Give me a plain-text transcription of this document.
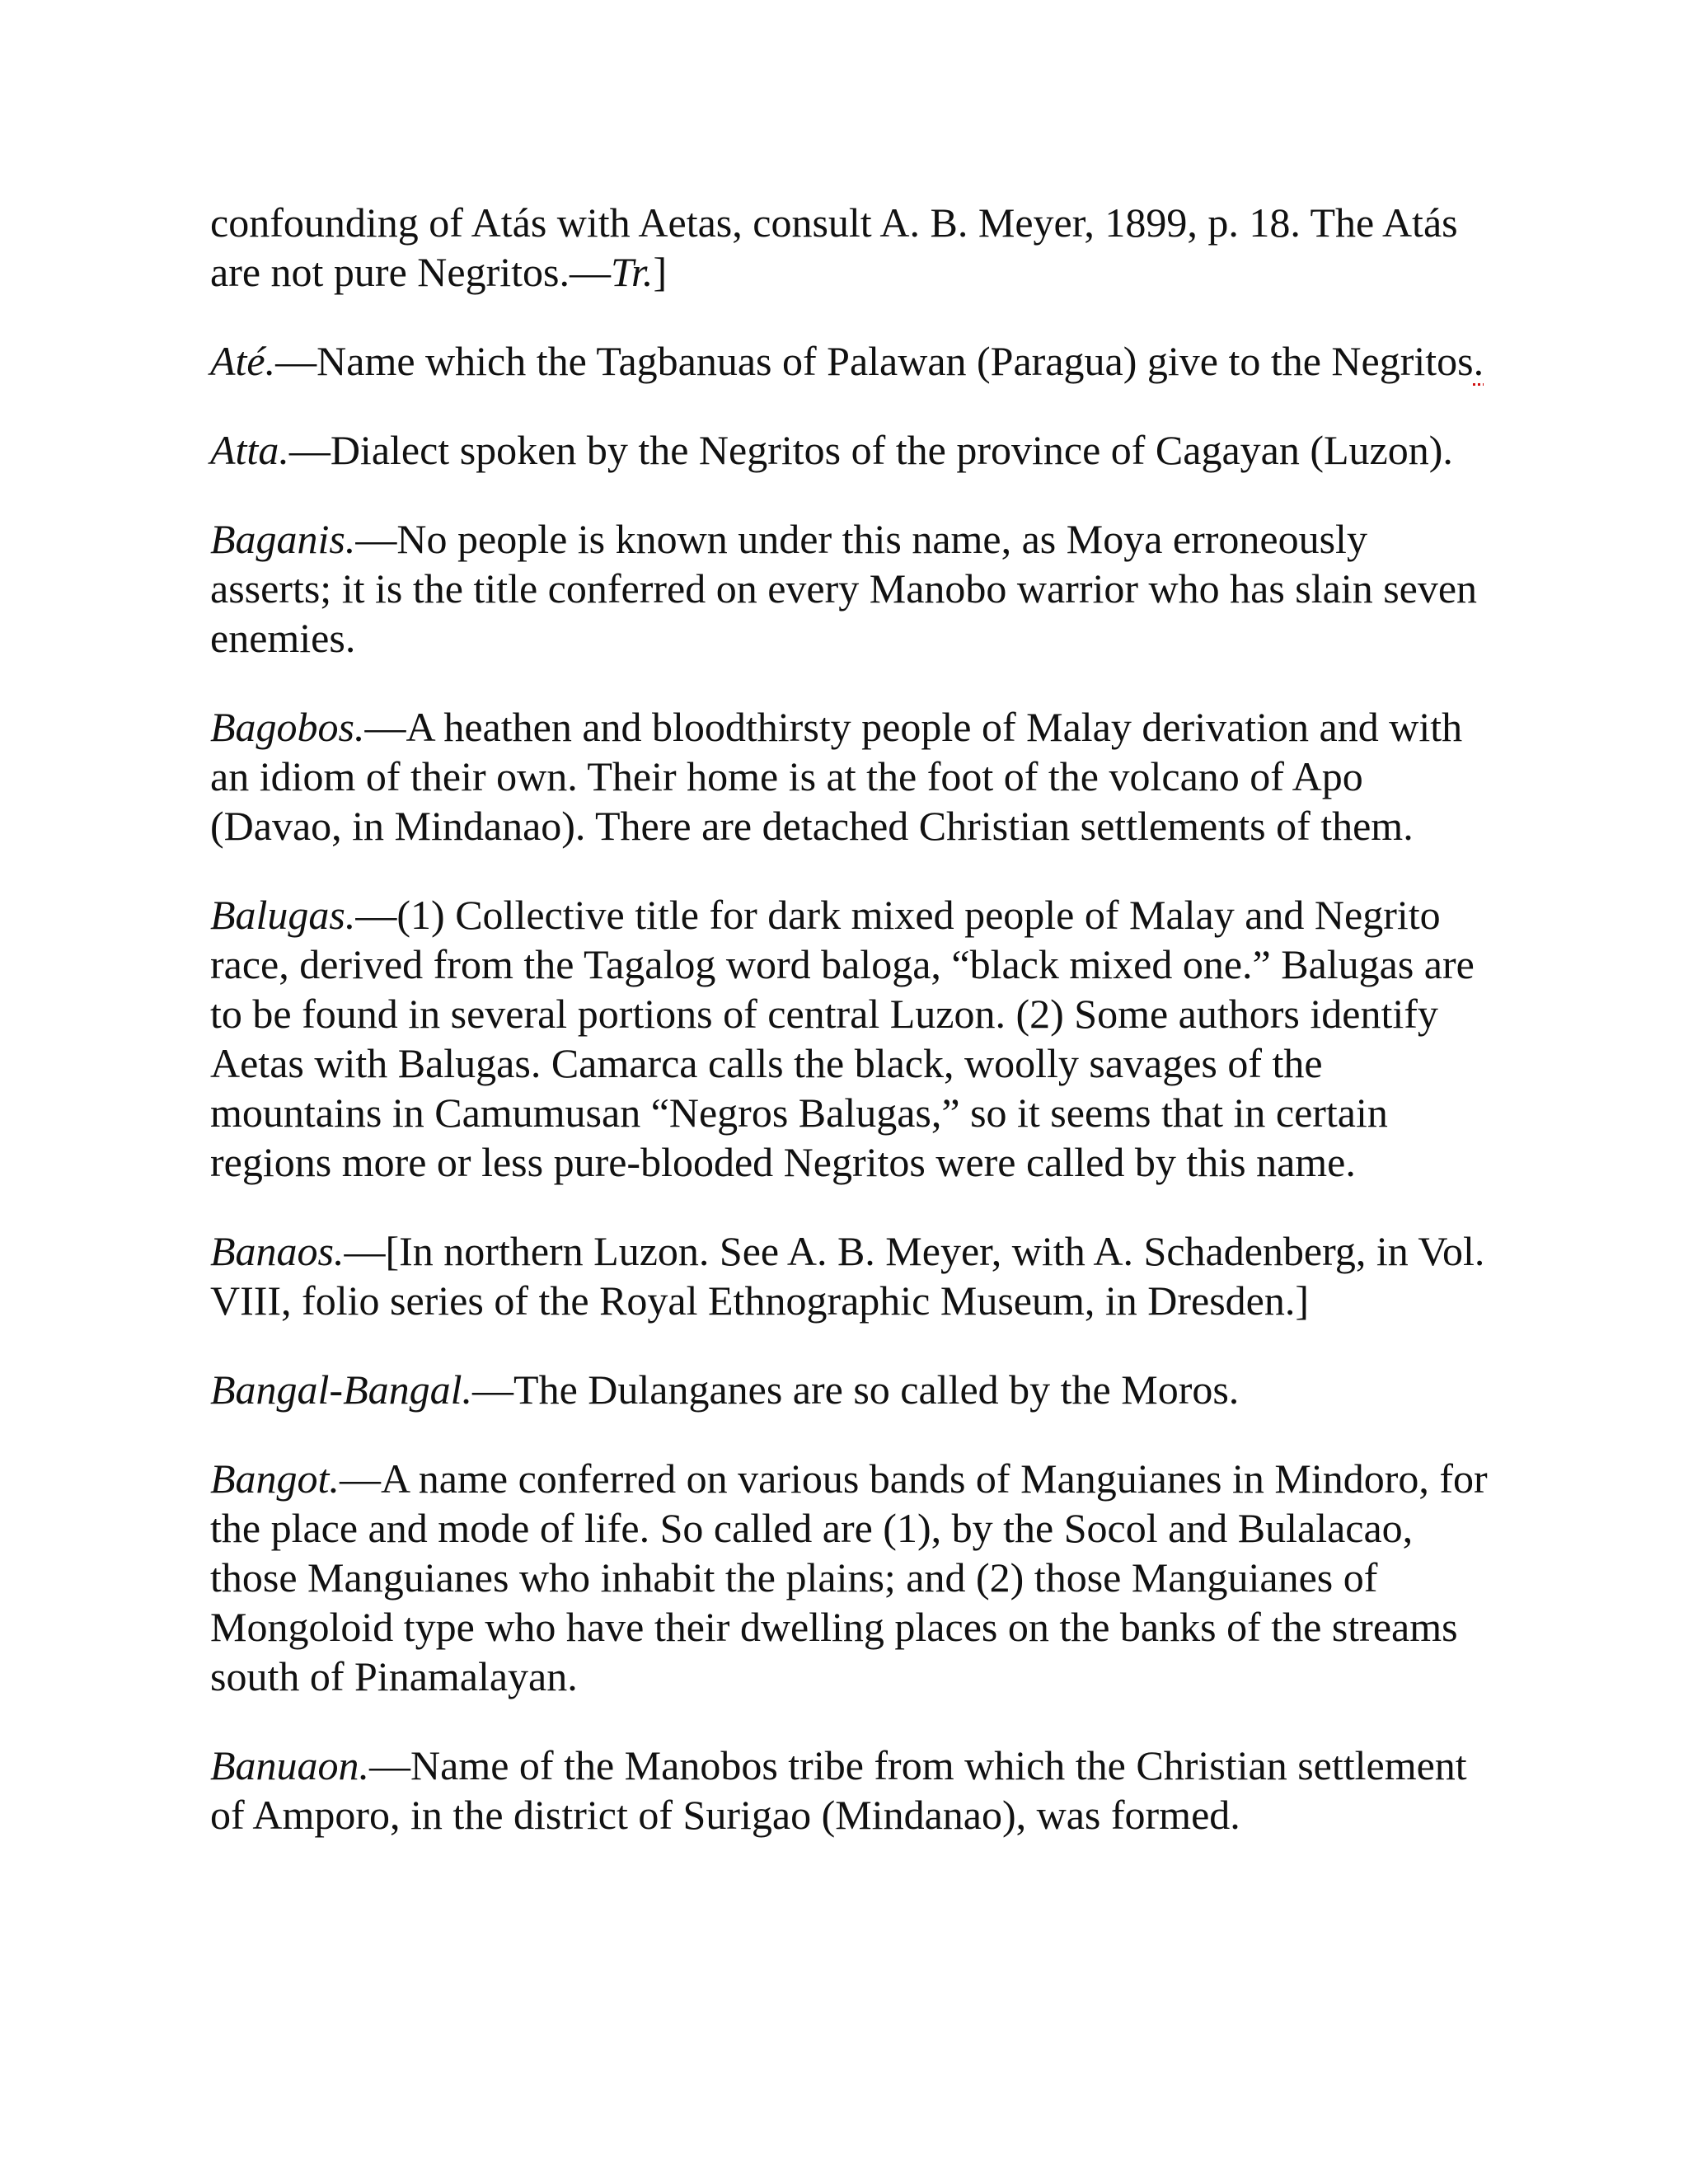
confounding of Atás with Aetas, consult A. B. Meyer, 1899, p. 18. The Atás are not pure Negritos.—Tr.]

Até.—Name which the Tagbanuas of Palawan (Paragua) give to the Negritos.

Atta.—Dialect spoken by the Negritos of the province of Cagayan (Luzon).

Baganis.—No people is known under this name, as Moya erroneously asserts; it is the title conferred on every Manobo warrior who has slain seven enemies.

Bagobos.—A heathen and bloodthirsty people of Malay derivation and with an idiom of their own. Their home is at the foot of the volcano of Apo (Davao, in Mindanao). There are detached Christian settlements of them.

Balugas.—(1) Collective title for dark mixed people of Malay and Negrito race, derived from the Tagalog word baloga, “black mixed one.” Balugas are to be found in several portions of central Luzon. (2) Some authors identify Aetas with Balugas. Camarca calls the black, woolly savages of the mountains in Camumusan “Negros Balugas,” so it seems that in certain regions more or less pure-blooded Negritos were called by this name.

Banaos.—[In northern Luzon. See A. B. Meyer, with A. Schadenberg, in Vol. VIII, folio series of the Royal Ethnographic Museum, in Dresden.]

Bangal-Bangal.—The Dulanganes are so called by the Moros.

Bangot.—A name conferred on various bands of Manguianes in Mindoro, for the place and mode of life. So called are (1), by the Socol and Bulalacao, those Manguianes who inhabit the plains; and (2) those Manguianes of Mongoloid type who have their dwelling places on the banks of the streams south of Pinamalayan.

Banuaon.—Name of the Manobos tribe from which the Christian settlement of Amporo, in the district of Surigao (Mindanao), was formed.
